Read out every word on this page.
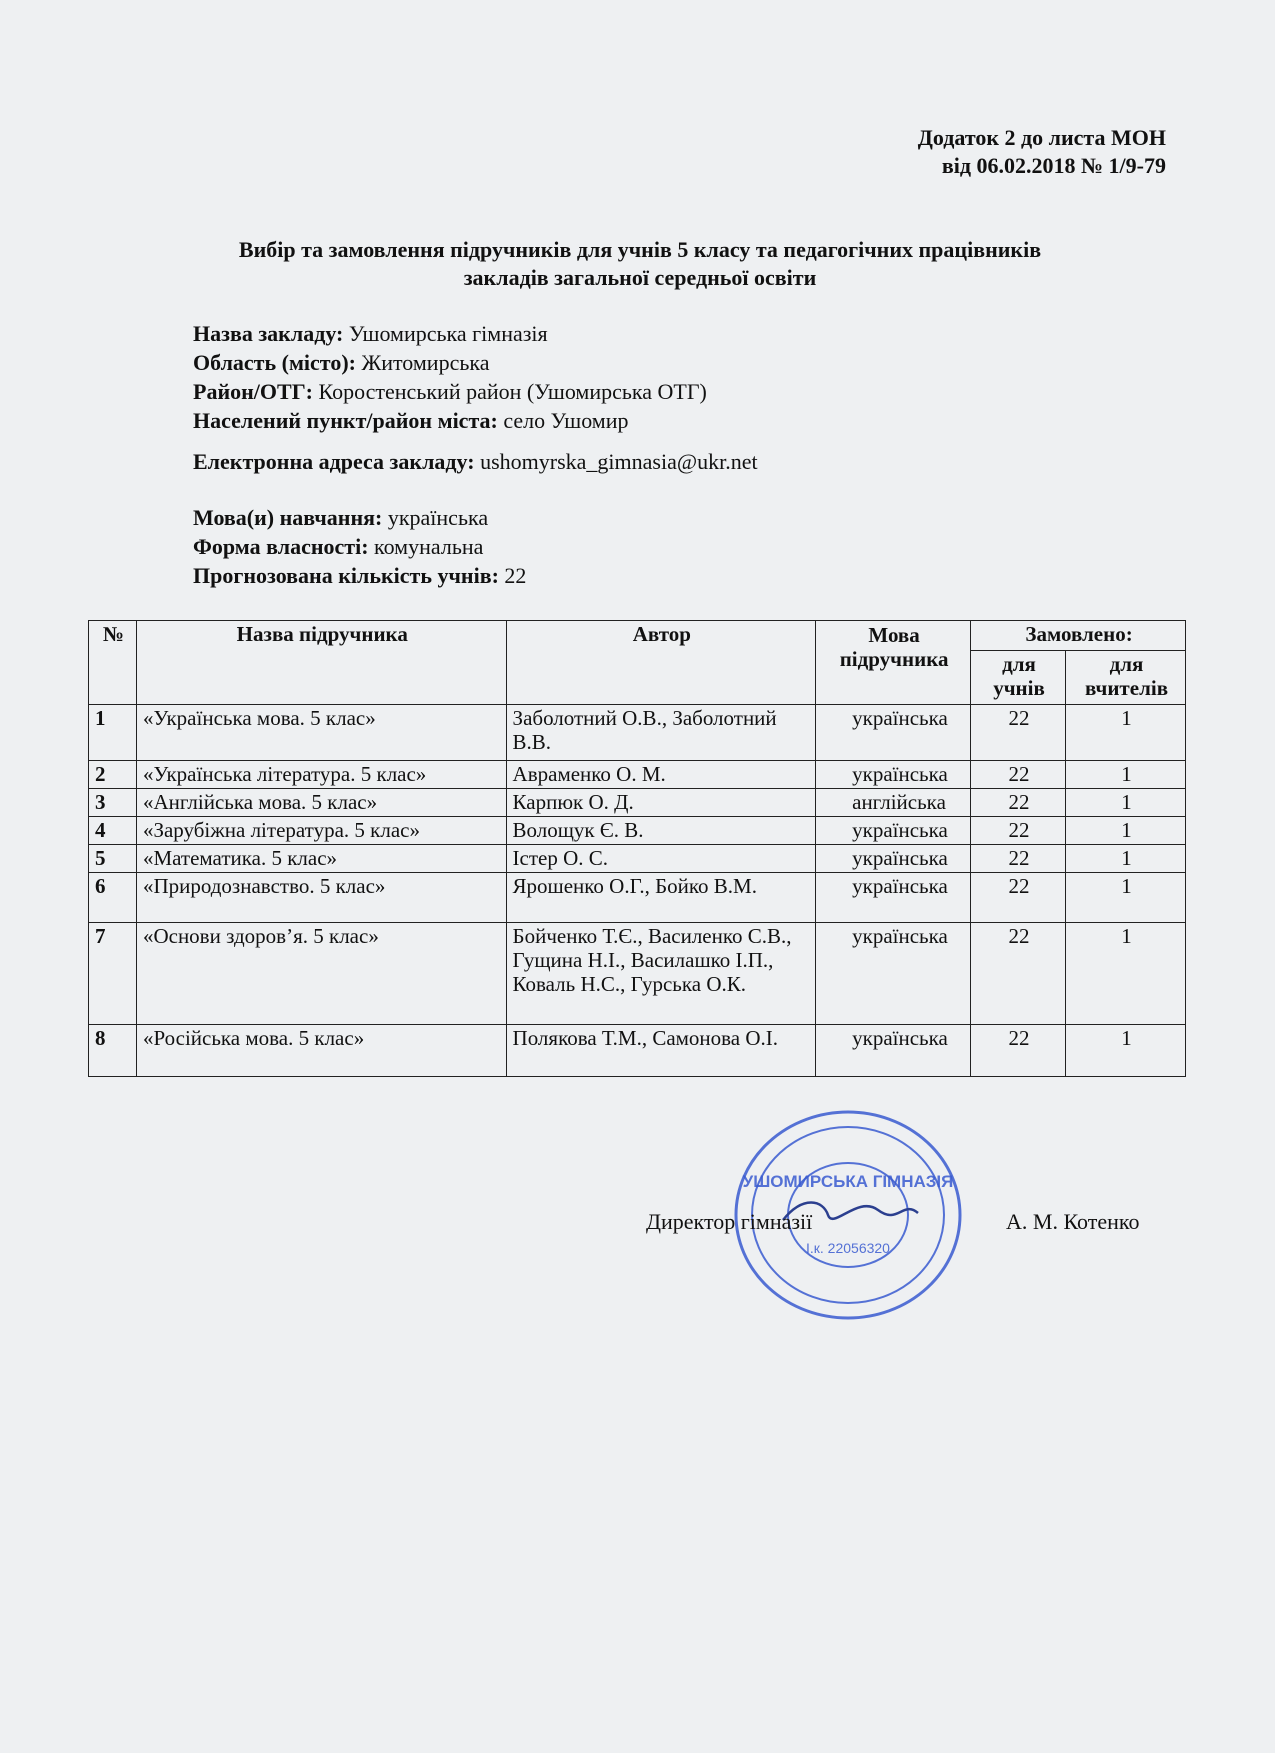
Додаток 2 до листа МОН
від 06.02.2018 № 1/9-79
Вибір та замовлення підручників для учнів 5 класу та педагогічних працівників
закладів загальної середньої освіти
Назва закладу: Ушомирська гімназія
Область (місто): Житомирська
Район/ОТГ: Коростенський район (Ушомирська ОТГ)
Населений пункт/район міста: село Ушомир
Електронна адреса закладу: ushomyrska_gimnasia@ukr.net
Мова(и) навчання: українська
Форма власності: комунальна
Прогнозована кількість учнів: 22
№	Назва підручника	Автор	Мова підручника	Замовлено:	
				для учнів	для вчителів
1	«Українська мова. 5 клас»	Заболотний О.В., Заболотний В.В.	українська	22	1
2	«Українська література. 5 клас»	Авраменко О. М.	українська	22	1
3	«Англійська мова. 5 клас»	Карпюк О. Д.	англійська	22	1
4	«Зарубіжна література. 5 клас»	Волощук Є. В.	українська	22	1
5	«Математика. 5 клас»	Істер О. С.	українська	22	1
6	«Природознавство. 5 клас»	Ярошенко О.Г., Бойко В.М.	українська	22	1
7	«Основи здоров’я. 5 клас»	Бойченко Т.Є., Василенко С.В., Гущина Н.І., Василашко І.П., Коваль Н.С., Гурська О.К.	українська	22	1
8	«Російська мова. 5 клас»	Полякова Т.М., Самонова О.І.	українська	22	1
УШОМИРСЬКА ГІМНАЗІЯ
І.к. 22056320
Директор гімназії	А. М. Котенко
